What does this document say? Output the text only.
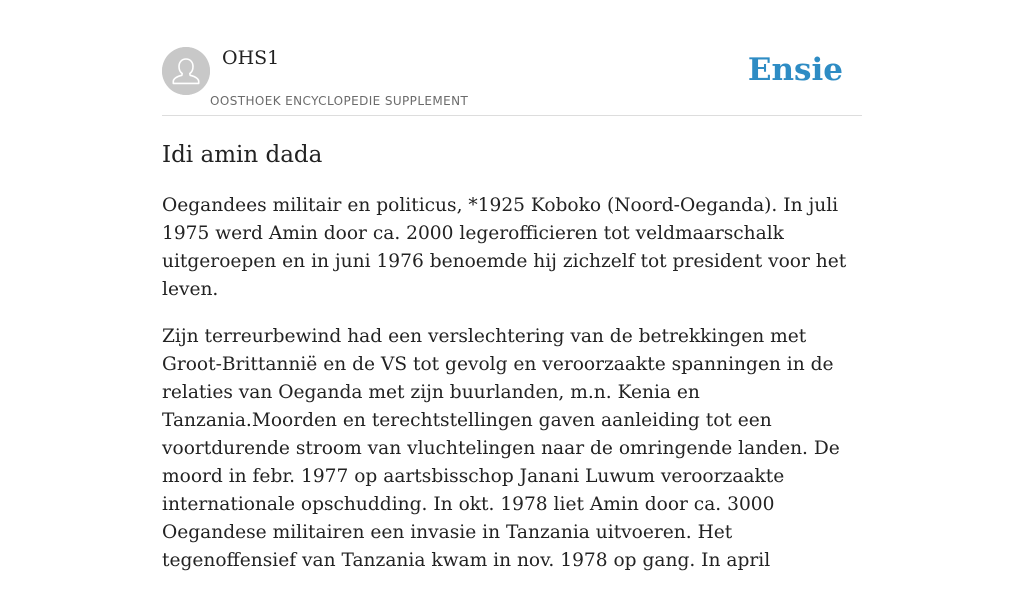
OHS1
OOSTHOEK ENCYCLOPEDIE SUPPLEMENT
Ensie
Idi amin dada

Oegandees militair en politicus, *1925 Koboko (Noord-Oeganda). In juli 1975 werd Amin door ca. 2000 legerofficieren tot veldmaarschalk uitgeroepen en in juni 1976 benoemde hij zichzelf tot president voor het leven.

Zijn terreurbewind had een verslechtering van de betrekkingen met Groot-Brittannië en de VS tot gevolg en veroorzaakte spanningen in de relaties van Oeganda met zijn buurlanden, m.n. Kenia en Tanzania.Moorden en terechtstellingen gaven aanleiding tot een voortdurende stroom van vluchtelingen naar de omringende landen. De moord in febr. 1977 op aartsbisschop Janani Luwum veroorzaakte internationale opschudding. In okt. 1978 liet Amin door ca. 3000 Oegandese militairen een invasie in Tanzania uitvoeren. Het tegenoffensief van Tanzania kwam in nov. 1978 op gang. In april
